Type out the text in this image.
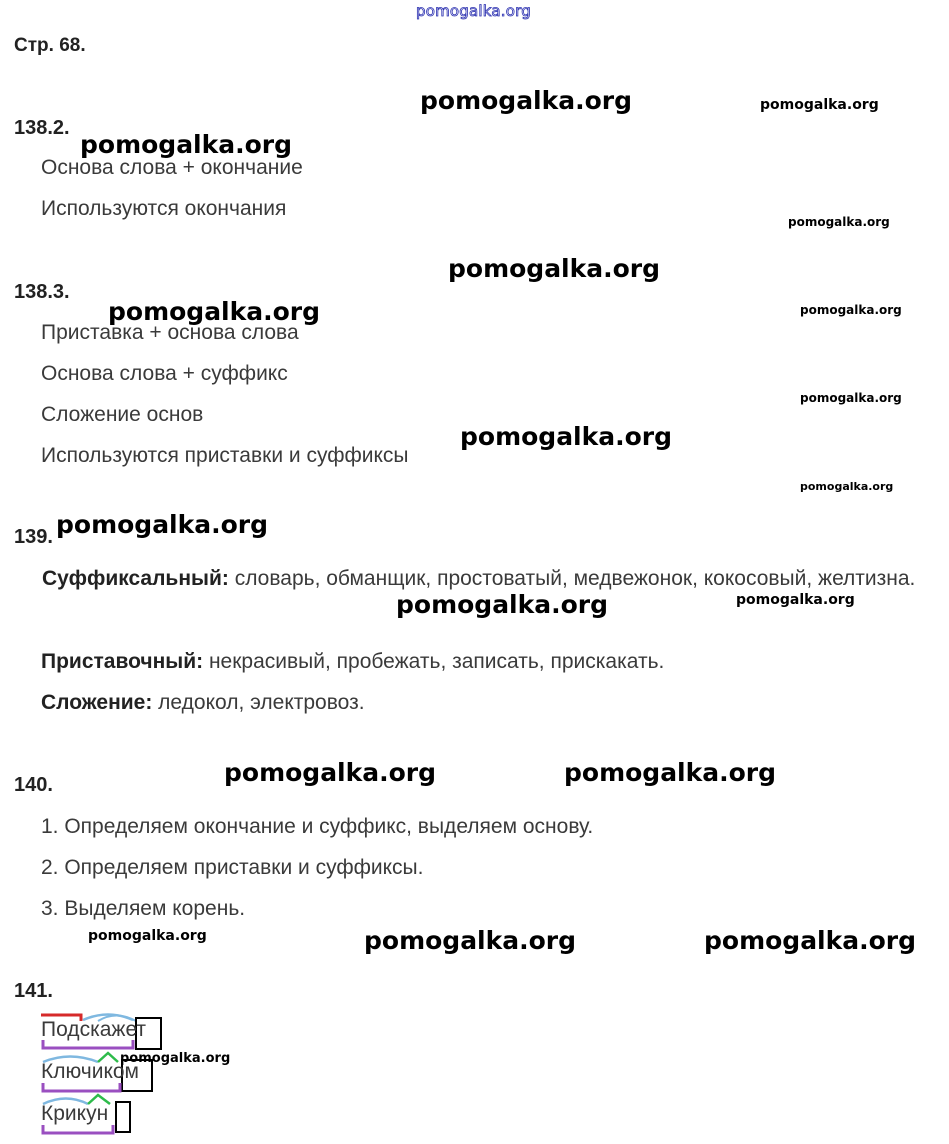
pomogalka.org
Стр. 68.
138.2.
Основа слова + окончание
Используются окончания
138.3.
Приставка + основа слова
Основа слова + суффикс
Сложение основ
Используются приставки и суффиксы
139.
Суффиксальный: словарь, обманщик, простоватый, медвежонок, кокосовый, желтизна.
Приставочный: некрасивый, пробежать, записать, прискакать.
Сложение: ледокол, электровоз.
140.
1. Определяем окончание и суффикс, выделяем основу.
2. Определяем приставки и суффиксы.
3. Выделяем корень.
141.
Подскажет
Ключиком
Крикун
pomogalka.org	pomogalka.org
pomogalka.org
pomogalka.org
pomogalka.org
pomogalka.org	pomogalka.org
pomogalka.org
pomogalka.org
pomogalka.org
pomogalka.org
pomogalka.org	pomogalka.org
pomogalka.org	pomogalka.org
pomogalka.org	pomogalka.org	pomogalka.org
pomogalka.org
